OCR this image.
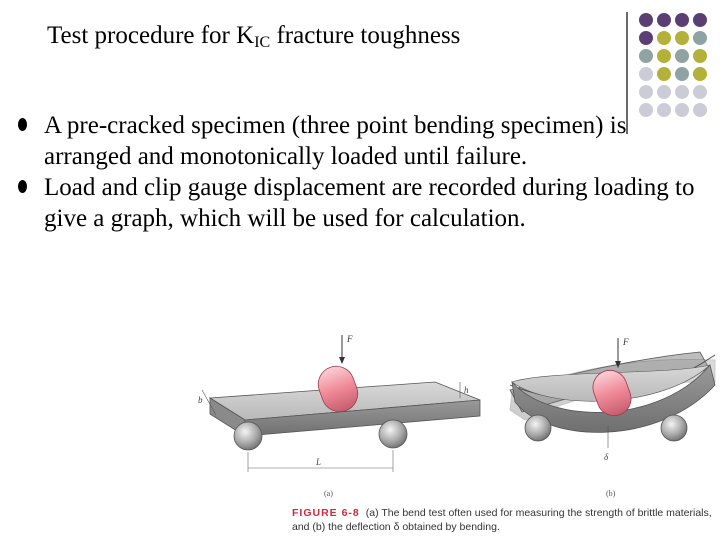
Test procedure for $K_{IC}$ fracture toughness
A pre-cracked specimen (three point bending specimen) is arranged and monotonically loaded until failure.
Load and clip gauge displacement are recorded during loading to give a graph, which will be used for calculation.
F
b
h
L
(a)
F
δ
(b)
FIGURE 6-8 (a) The bend test often used for measuring the strength of brittle materials, and (b) the deflection δ obtained by bending.
